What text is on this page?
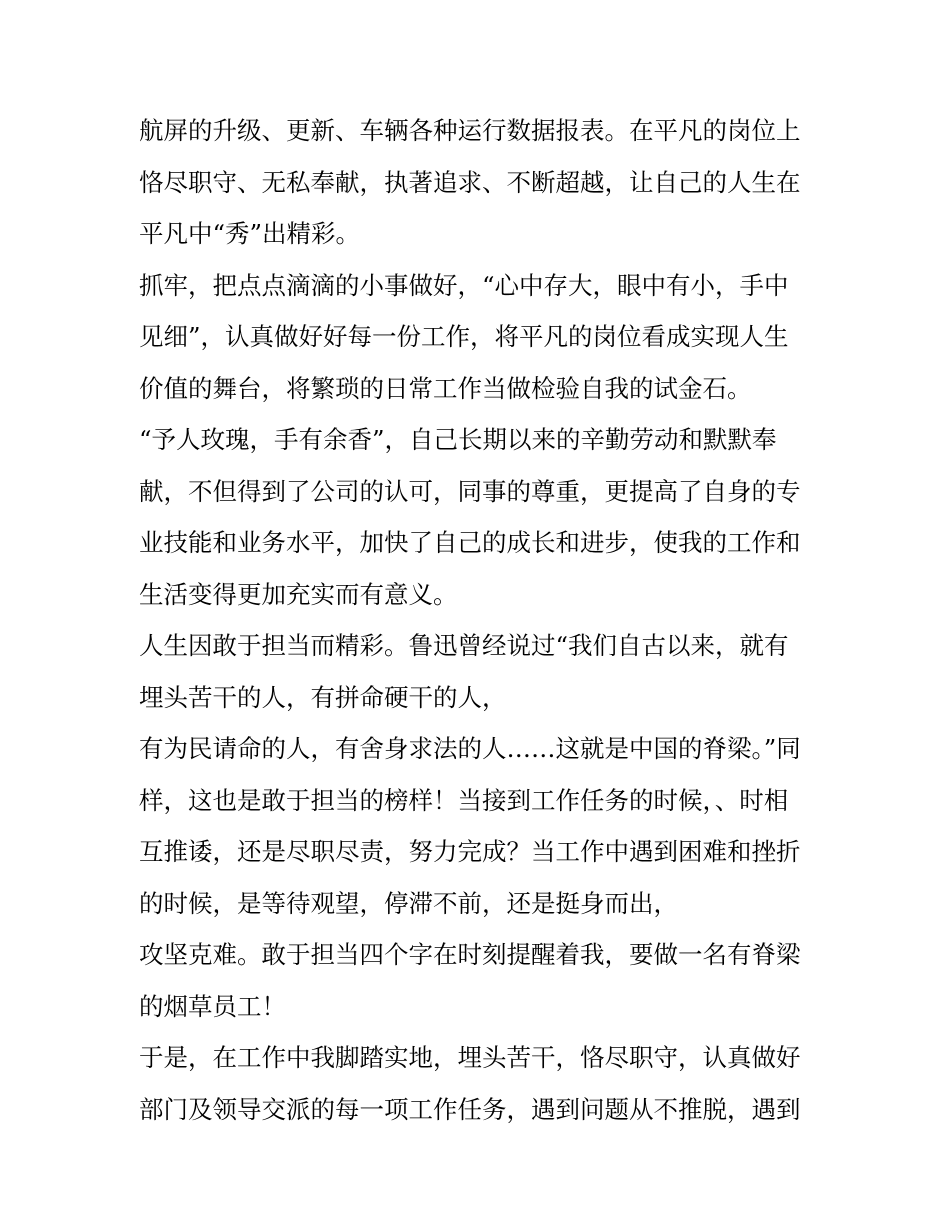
航屏的升级、更新、车辆各种运行数据报表。在平凡的岗位上
恪尽职守、无私奉献，执著追求、不断超越，让自己的人生在
平凡中“秀”出精彩。
抓牢，把点点滴滴的小事做好，“心中存大，眼中有小，手中
见细”，认真做好好每一份工作，将平凡的岗位看成实现人生
价值的舞台，将繁琐的日常工作当做检验自我的试金石。
“予人玫瑰，手有余香”，自己长期以来的辛勤劳动和默默奉
献，不但得到了公司的认可，同事的尊重，更提高了自身的专
业技能和业务水平，加快了自己的成长和进步，使我的工作和
生活变得更加充实而有意义。
人生因敢于担当而精彩。鲁迅曾经说过“我们自古以来，就有
埋头苦干的人，有拼命硬干的人，
有为民请命的人，有舍身求法的人……这就是中国的脊梁。”同
样，这也是敢于担当的榜样！当接到工作任务的时候，、时相
互推诿，还是尽职尽责，努力完成？当工作中遇到困难和挫折
的时候，是等待观望，停滞不前，还是挺身而出，
攻坚克难。敢于担当四个字在时刻提醒着我，要做一名有脊梁
的烟草员工！
于是，在工作中我脚踏实地，埋头苦干，恪尽职守，认真做好
部门及领导交派的每一项工作任务，遇到问题从不推脱，遇到
